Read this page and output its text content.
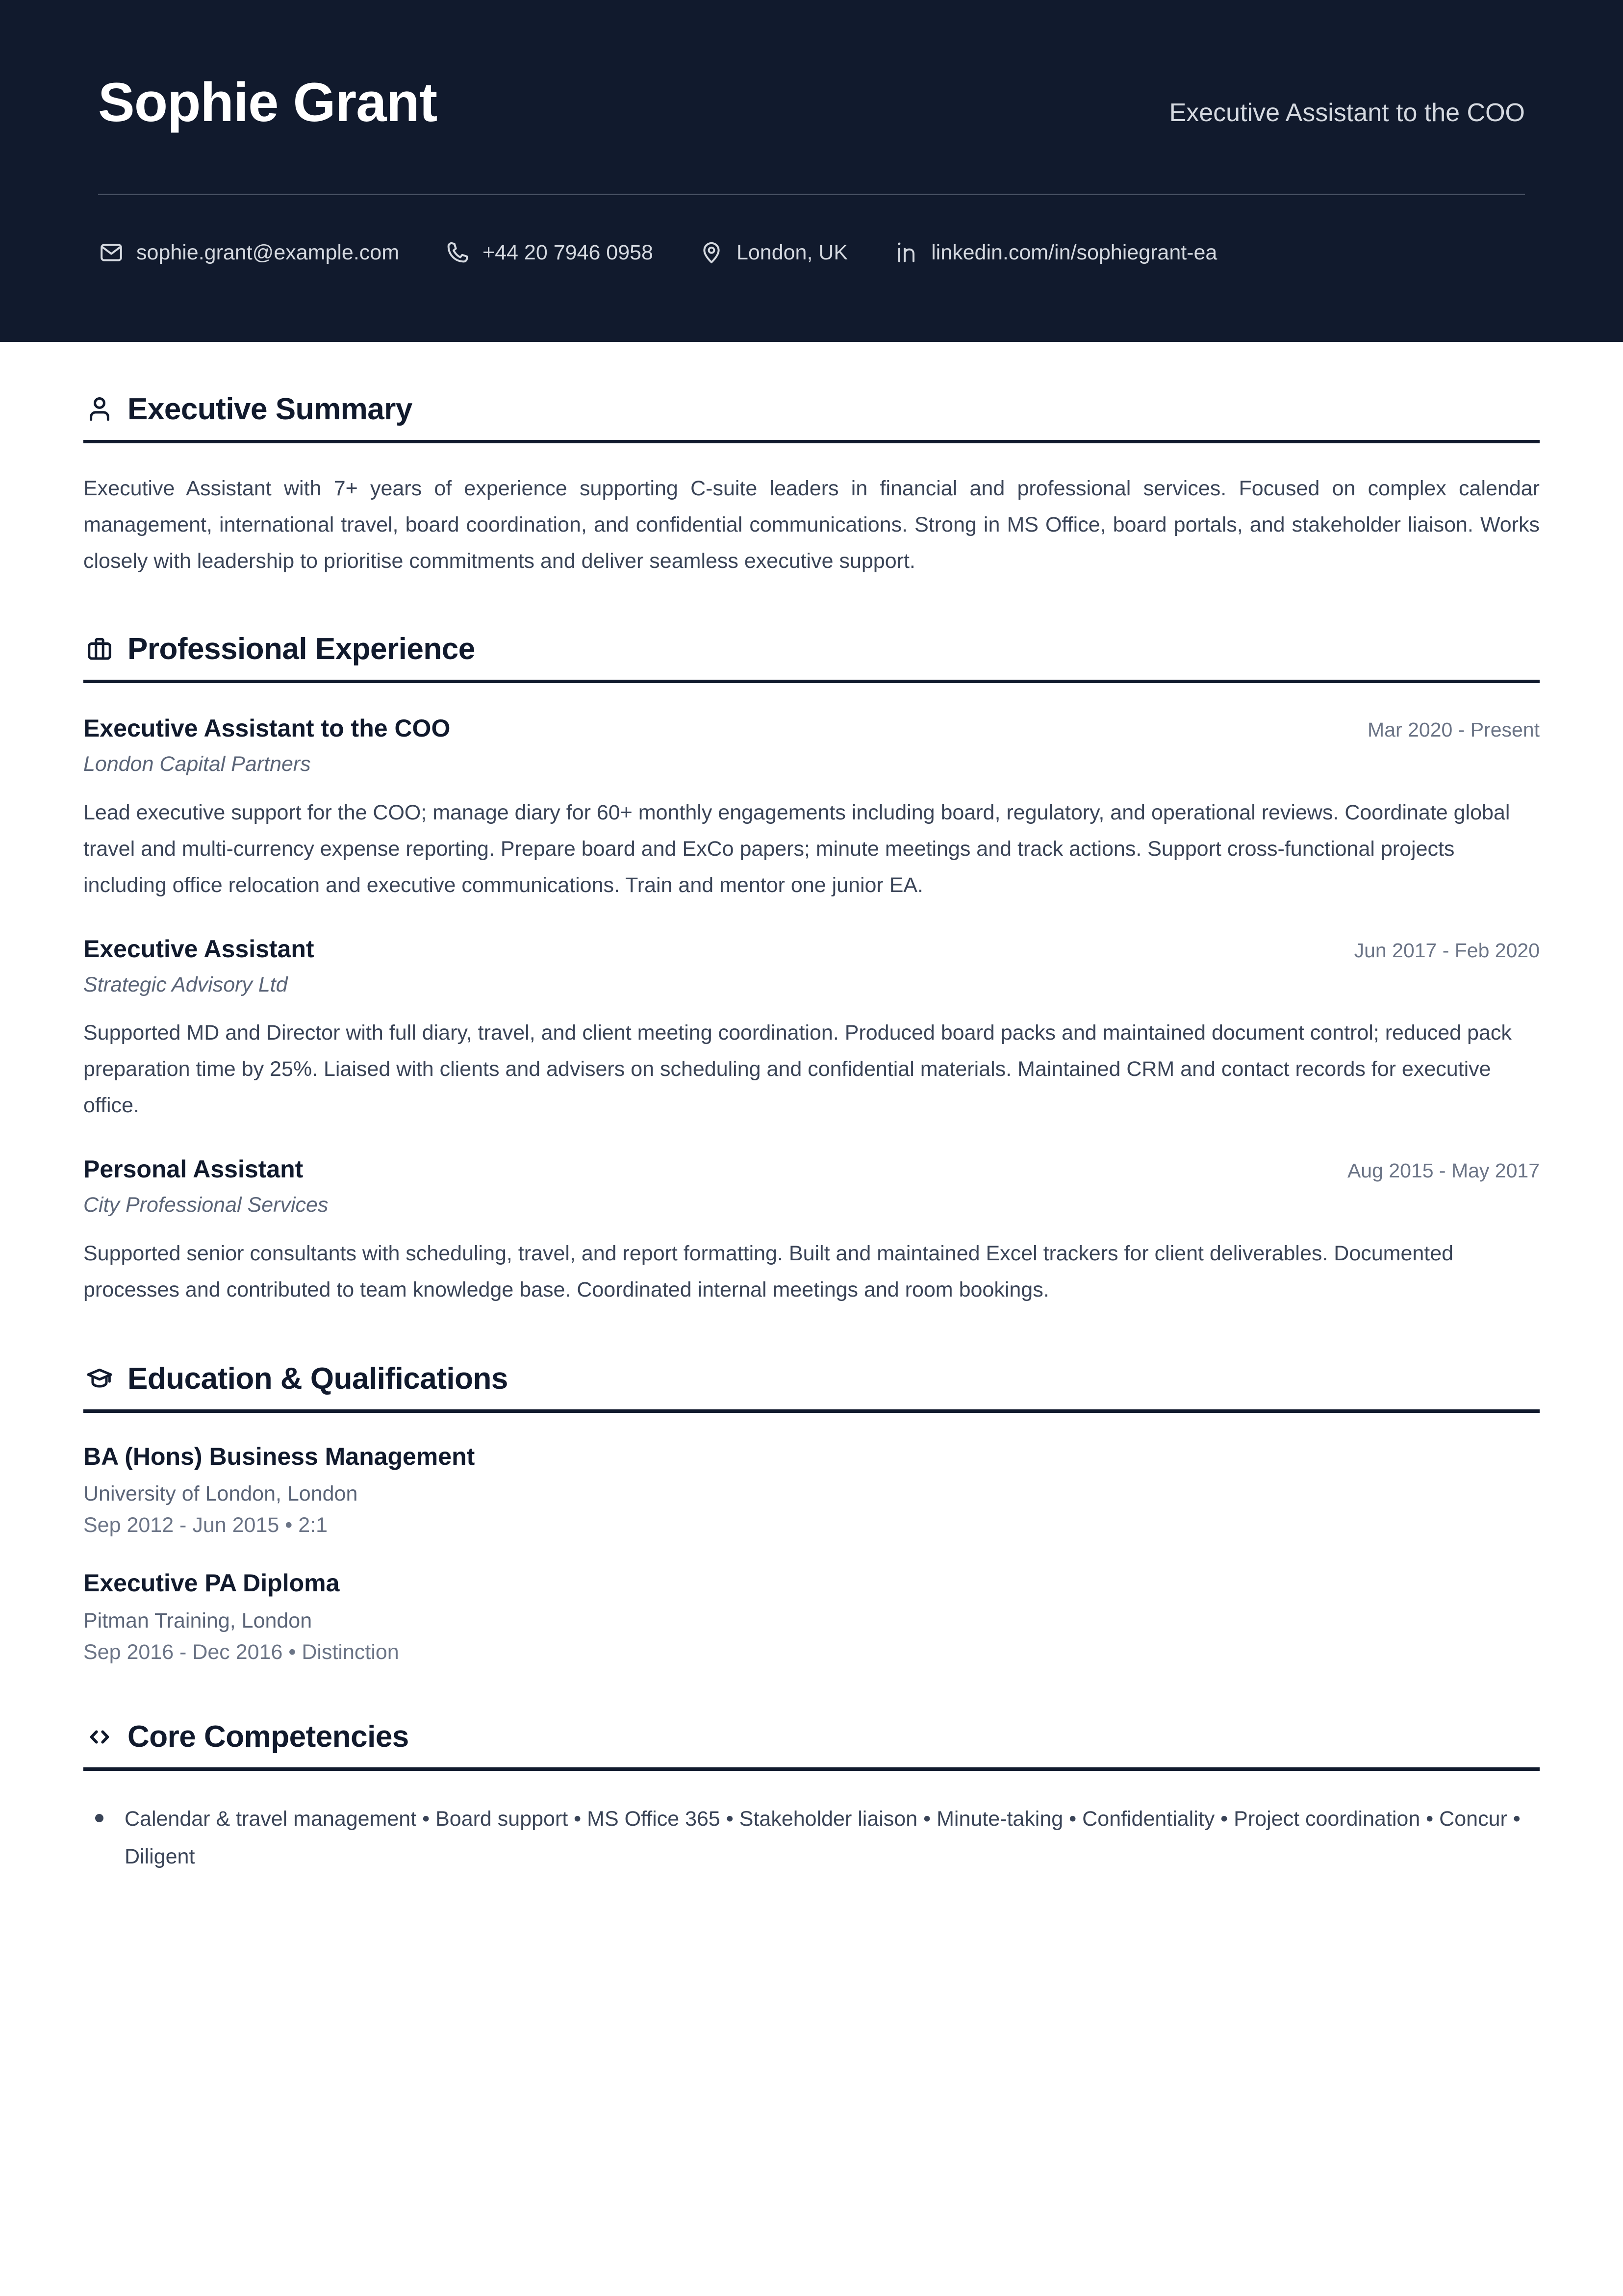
Sophie Grant	Executive Assistant to the COO
sophie.grant@example.com	+44 20 7946 0958	London, UK	linkedin.com/in/sophiegrant-ea
Executive Summary

Executive Assistant with 7+ years of experience supporting C-suite leaders in financial and professional services. Focused on complex calendar management, international travel, board coordination, and confidential communications. Strong in MS Office, board portals, and stakeholder liaison. Works closely with leadership to prioritise commitments and deliver seamless executive support.

Professional Experience
Executive Assistant to the COO	Mar 2020 - Present
London Capital Partners

Lead executive support for the COO; manage diary for 60+ monthly engagements including board, regulatory, and operational reviews. Coordinate global travel and multi-currency expense reporting. Prepare board and ExCo papers; minute meetings and track actions. Support cross-functional projects including office relocation and executive communications. Train and mentor one junior EA.

Executive Assistant	Jun 2017 - Feb 2020
Strategic Advisory Ltd

Supported MD and Director with full diary, travel, and client meeting coordination. Produced board packs and maintained document control; reduced pack preparation time by 25%. Liaised with clients and advisers on scheduling and confidential materials. Maintained CRM and contact records for executive office.

Personal Assistant	Aug 2015 - May 2017
City Professional Services

Supported senior consultants with scheduling, travel, and report formatting. Built and maintained Excel trackers for client deliverables. Documented processes and contributed to team knowledge base. Coordinated internal meetings and room bookings.

Education & Qualifications
BA (Hons) Business Management
University of London, London
Sep 2012 - Jun 2015 • 2:1
Executive PA Diploma
Pitman Training, London
Sep 2016 - Dec 2016 • Distinction
Core Competencies
Calendar & travel management • Board support • MS Office 365 • Stakeholder liaison • Minute-taking • Confidentiality • Project coordination • Concur • Diligent
